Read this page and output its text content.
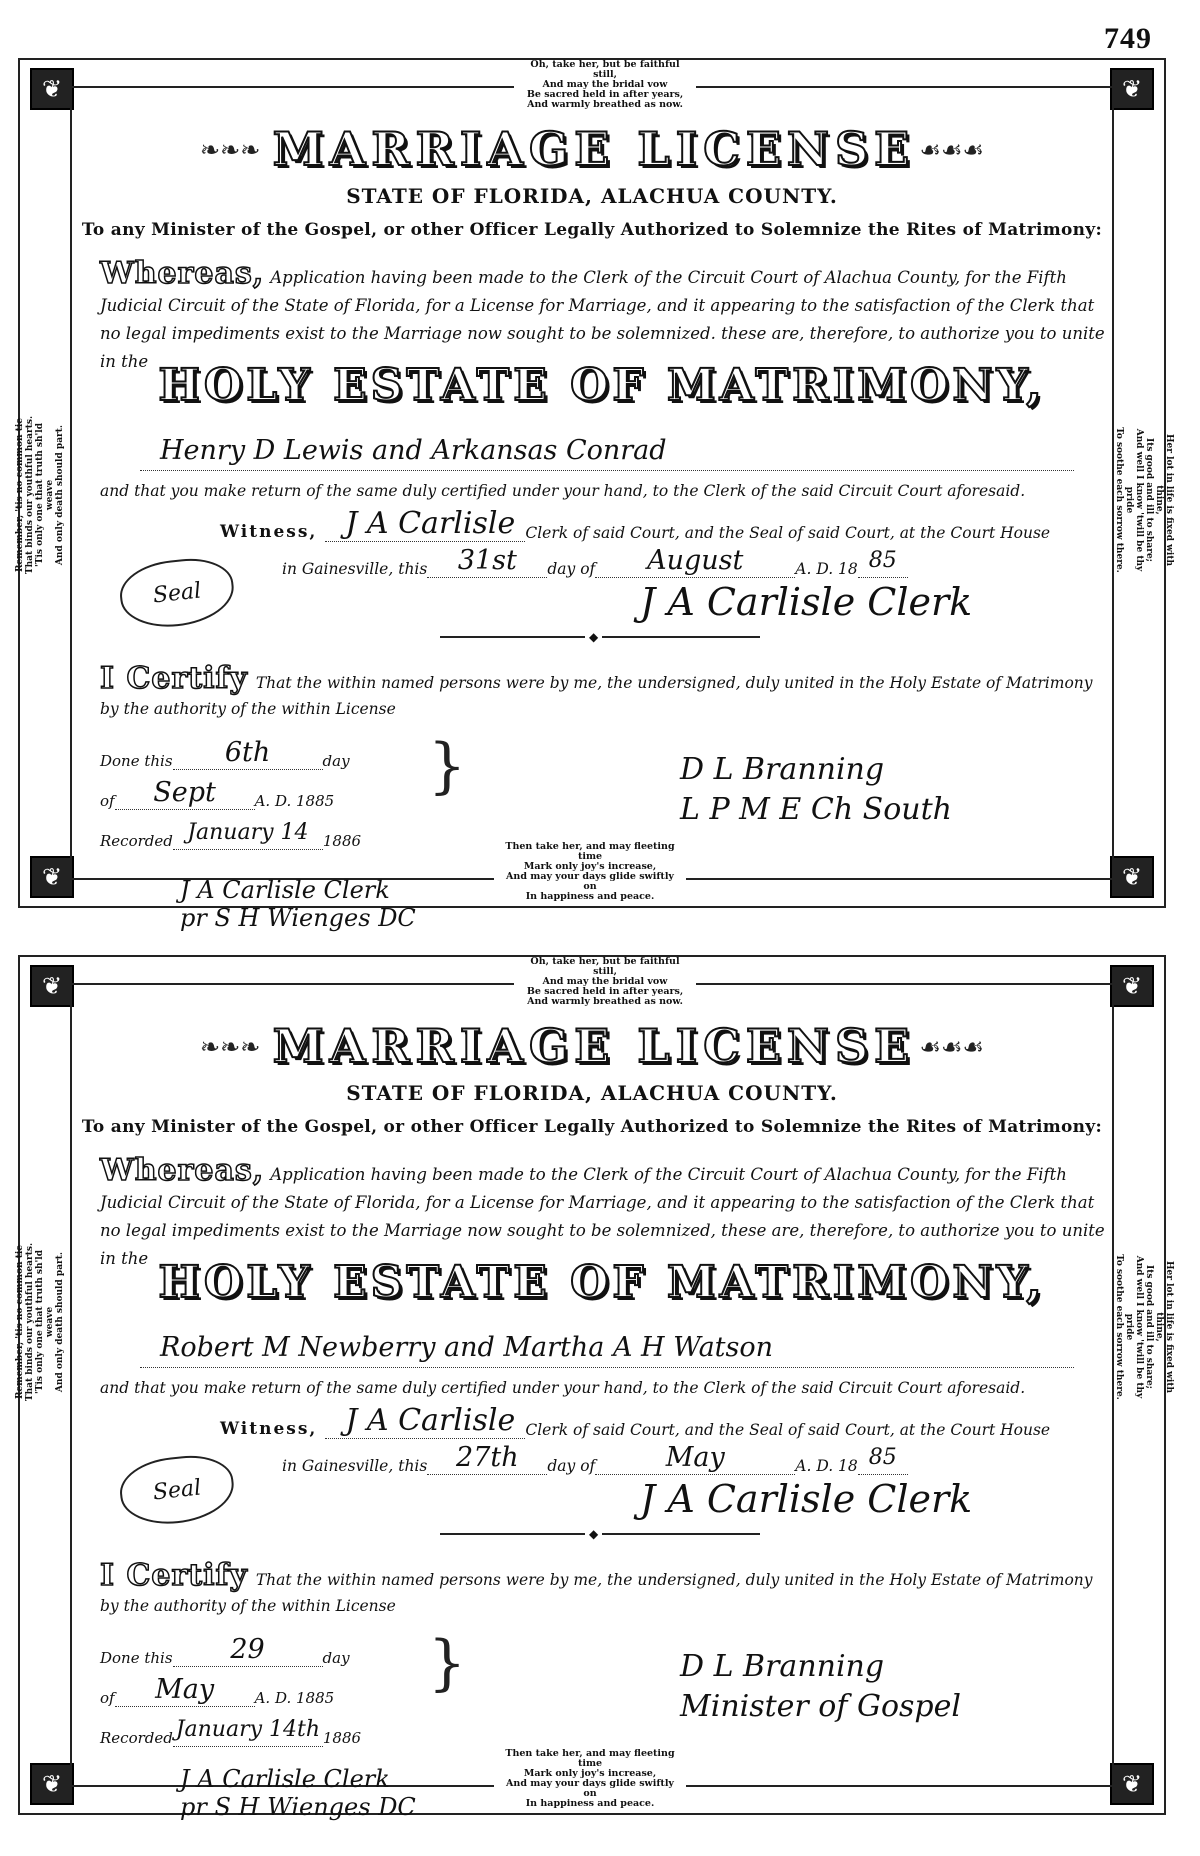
749
❦	❦
❦	❦
Oh, take her, but be faithful still,
And may the bridal vow
Be sacred held in after years,
And warmly breathed as now.
Then take her, and may fleeting time
Mark only joy's increase,
And may your days glide swiftly on
In happiness and peace.
Remember, 'tis no common tie
That binds our youthful hearts.
'Tis only one that truth sh'ld weave
And only death should part.	Her lot in life is fixed with thine,
Its good and ill to share;
And well I know 'twill be thy pride
To soothe each sorrow there.
❧❧❧ MARRIAGE LICENSE ☙☙☙
STATE OF FLORIDA, ALACHUA COUNTY.
To any Minister of the Gospel, or other Officer Legally Authorized to Solemnize the Rites of Matrimony:
Whereas, Application having been made to the Clerk of the Circuit Court of Alachua County, for the Fifth Judicial Circuit of the State of Florida, for a License for Marriage, and it appearing to the satisfaction of the Clerk that no legal impediments exist to the Marriage now sought to be solemnized. these are, therefore, to authorize you to unite in the HOLY ESTATE OF MATRIMONY,
Henry D Lewis and Arkansas Conrad
and that you make return of the same duly certified under your hand, to the Clerk of the said Circuit Court aforesaid.
Witness, J A Carlisle Clerk of said Court, and the Seal of said Court, at the Court House
in Gainesville, this	31st	day of	August	A. D. 18 85
Seal	J A Carlisle Clerk
◆
I Certify That the within named persons were by me, the undersigned, duly united in the Holy Estate of Matrimony by the authority of the within License
Done this	6th	day
of	Sept	A. D. 1885
Recorded January 14 1886
}
J A Carlisle Clerk
pr S H Wienges DC
D L Branning
L P M E Ch South
❦	❦
❦	❦
Oh, take her, but be faithful still,
And may the bridal vow
Be sacred held in after years,
And warmly breathed as now.
Then take her, and may fleeting time
Mark only joy's increase,
And may your days glide swiftly on
In happiness and peace.
Remember, 'tis no common tie
That binds our youthful hearts.
'Tis only one that truth sh'ld weave
And only death should part.	Her lot in life is fixed with thine,
Its good and ill to share;
And well I know 'twill be thy pride
To soothe each sorrow there.
❧❧❧ MARRIAGE LICENSE ☙☙☙
STATE OF FLORIDA, ALACHUA COUNTY.
To any Minister of the Gospel, or other Officer Legally Authorized to Solemnize the Rites of Matrimony:
Whereas, Application having been made to the Clerk of the Circuit Court of Alachua County, for the Fifth Judicial Circuit of the State of Florida, for a License for Marriage, and it appearing to the satisfaction of the Clerk that no legal impediments exist to the Marriage now sought to be solemnized, these are, therefore, to authorize you to unite in the HOLY ESTATE OF MATRIMONY,
Robert M Newberry and Martha A H Watson
and that you make return of the same duly certified under your hand, to the Clerk of the said Circuit Court aforesaid.
Witness, J A Carlisle Clerk of said Court, and the Seal of said Court, at the Court House
in Gainesville, this	27th	day of	May	A. D. 18 85
Seal	J A Carlisle Clerk
◆
I Certify That the within named persons were by me, the undersigned, duly united in the Holy Estate of Matrimony by the authority of the within License
Done this	29	day
of	May	A. D. 1885
Recorded January 14th 1886
}
J A Carlisle Clerk
pr S H Wienges DC
D L Branning
Minister of Gospel
